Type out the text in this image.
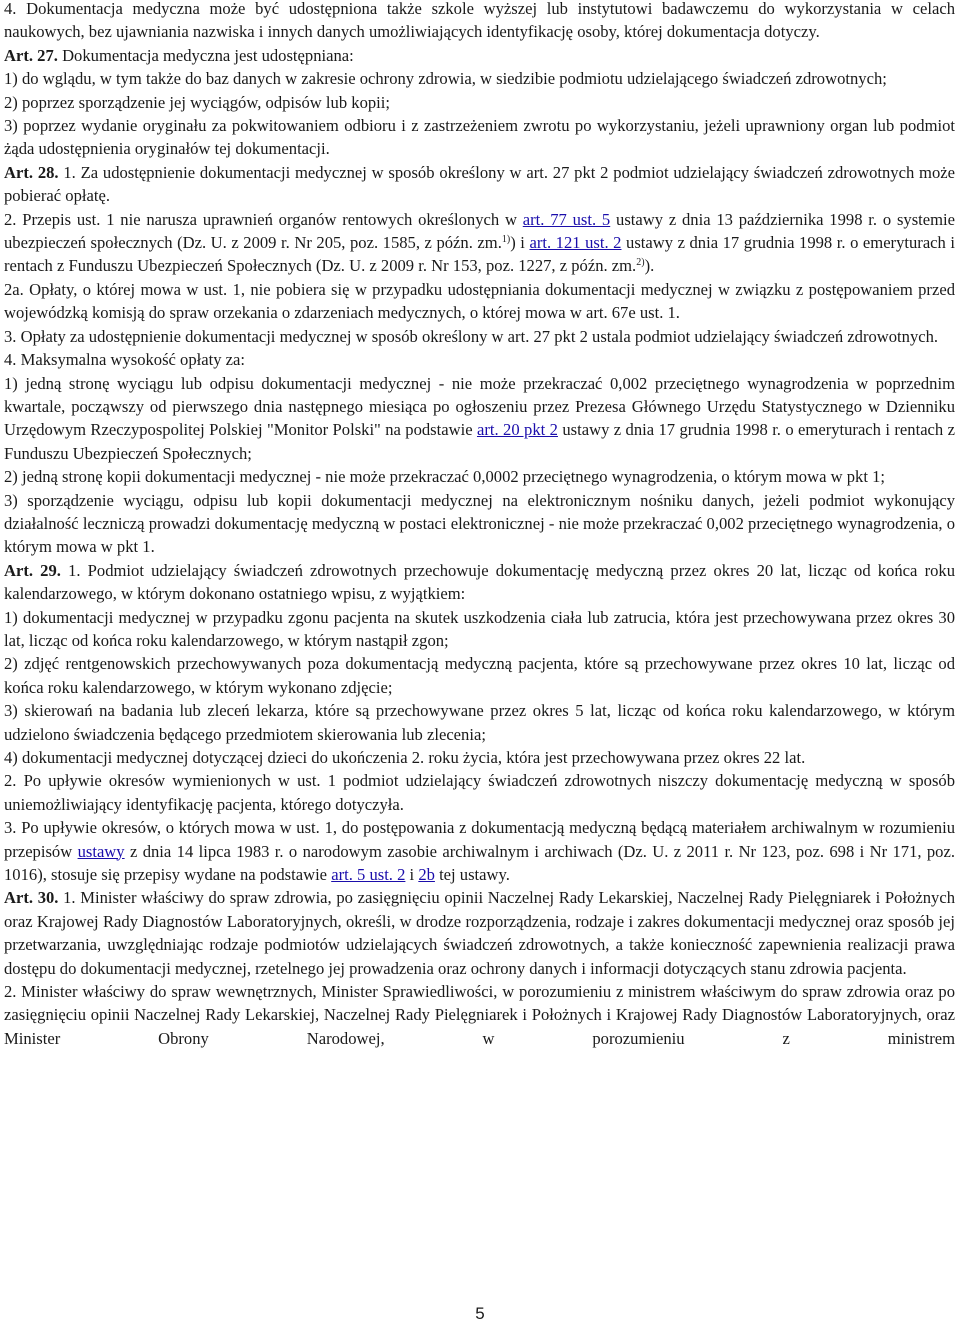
4. Dokumentacja medyczna może być udostępniona także szkole wyższej lub instytutowi badawczemu do wykorzystania w celach naukowych, bez ujawniania nazwiska i innych danych umożliwiających identyfikację osoby, której dokumentacja dotyczy.

Art. 27. Dokumentacja medyczna jest udostępniana:

1) do wglądu, w tym także do baz danych w zakresie ochrony zdrowia, w siedzibie podmiotu udzielającego świadczeń zdrowotnych;

2) poprzez sporządzenie jej wyciągów, odpisów lub kopii;

3) poprzez wydanie oryginału za pokwitowaniem odbioru i z zastrzeżeniem zwrotu po wykorzystaniu, jeżeli uprawniony organ lub podmiot żąda udostępnienia oryginałów tej dokumentacji.

Art. 28. 1. Za udostępnienie dokumentacji medycznej w sposób określony w art. 27 pkt 2 podmiot udzielający świadczeń zdrowotnych może pobierać opłatę.

2. Przepis ust. 1 nie narusza uprawnień organów rentowych określonych w art. 77 ust. 5 ustawy z dnia 13 października 1998 r. o systemie ubezpieczeń społecznych (Dz. U. z 2009 r. Nr 205, poz. 1585, z późn. zm.$^{1)}$) i art. 121 ust. 2 ustawy z dnia 17 grudnia 1998 r. o emeryturach i rentach z Funduszu Ubezpieczeń Społecznych (Dz. U. z 2009 r. Nr 153, poz. 1227, z późn. zm.$^{2)}$).

2a. Opłaty, o której mowa w ust. 1, nie pobiera się w przypadku udostępniania dokumentacji medycznej w związku z postępowaniem przed wojewódzką komisją do spraw orzekania o zdarzeniach medycznych, o której mowa w art. 67e ust. 1.

3. Opłaty za udostępnienie dokumentacji medycznej w sposób określony w art. 27 pkt 2 ustala podmiot udzielający świadczeń zdrowotnych.

4. Maksymalna wysokość opłaty za:

1) jedną stronę wyciągu lub odpisu dokumentacji medycznej - nie może przekraczać 0,002 przeciętnego wynagrodzenia w poprzednim kwartale, począwszy od pierwszego dnia następnego miesiąca po ogłoszeniu przez Prezesa Głównego Urzędu Statystycznego w Dzienniku Urzędowym Rzeczypospolitej Polskiej "Monitor Polski" na podstawie art. 20 pkt 2 ustawy z dnia 17 grudnia 1998 r. o emeryturach i rentach z Funduszu Ubezpieczeń Społecznych;

2) jedną stronę kopii dokumentacji medycznej - nie może przekraczać 0,0002 przeciętnego wynagrodzenia, o którym mowa w pkt 1;

3) sporządzenie wyciągu, odpisu lub kopii dokumentacji medycznej na elektronicznym nośniku danych, jeżeli podmiot wykonujący działalność leczniczą prowadzi dokumentację medyczną w postaci elektronicznej - nie może przekraczać 0,002 przeciętnego wynagrodzenia, o którym mowa w pkt 1.

Art. 29. 1. Podmiot udzielający świadczeń zdrowotnych przechowuje dokumentację medyczną przez okres 20 lat, licząc od końca roku kalendarzowego, w którym dokonano ostatniego wpisu, z wyjątkiem:

1) dokumentacji medycznej w przypadku zgonu pacjenta na skutek uszkodzenia ciała lub zatrucia, która jest przechowywana przez okres 30 lat, licząc od końca roku kalendarzowego, w którym nastąpił zgon;

2) zdjęć rentgenowskich przechowywanych poza dokumentacją medyczną pacjenta, które są przechowywane przez okres 10 lat, licząc od końca roku kalendarzowego, w którym wykonano zdjęcie;

3) skierowań na badania lub zleceń lekarza, które są przechowywane przez okres 5 lat, licząc od końca roku kalendarzowego, w którym udzielono świadczenia będącego przedmiotem skierowania lub zlecenia;

4) dokumentacji medycznej dotyczącej dzieci do ukończenia 2. roku życia, która jest przechowywana przez okres 22 lat.

2. Po upływie okresów wymienionych w ust. 1 podmiot udzielający świadczeń zdrowotnych niszczy dokumentację medyczną w sposób uniemożliwiający identyfikację pacjenta, którego dotyczyła.

3. Po upływie okresów, o których mowa w ust. 1, do postępowania z dokumentacją medyczną będącą materiałem archiwalnym w rozumieniu przepisów ustawy z dnia 14 lipca 1983 r. o narodowym zasobie archiwalnym i archiwach (Dz. U. z 2011 r. Nr 123, poz. 698 i Nr 171, poz. 1016), stosuje się przepisy wydane na podstawie art. 5 ust. 2 i 2b tej ustawy.

Art. 30. 1. Minister właściwy do spraw zdrowia, po zasięgnięciu opinii Naczelnej Rady Lekarskiej, Naczelnej Rady Pielęgniarek i Położnych oraz Krajowej Rady Diagnostów Laboratoryjnych, określi, w drodze rozporządzenia, rodzaje i zakres dokumentacji medycznej oraz sposób jej przetwarzania, uwzględniając rodzaje podmiotów udzielających świadczeń zdrowotnych, a także konieczność zapewnienia realizacji prawa dostępu do dokumentacji medycznej, rzetelnego jej prowadzenia oraz ochrony danych i informacji dotyczących stanu zdrowia pacjenta.

2. Minister właściwy do spraw wewnętrznych, Minister Sprawiedliwości, w porozumieniu z ministrem właściwym do spraw zdrowia oraz po zasięgnięciu opinii Naczelnej Rady Lekarskiej, Naczelnej Rady Pielęgniarek i Położnych i Krajowej Rady Diagnostów Laboratoryjnych, oraz Minister Obrony Narodowej, w porozumieniu z ministrem

5
